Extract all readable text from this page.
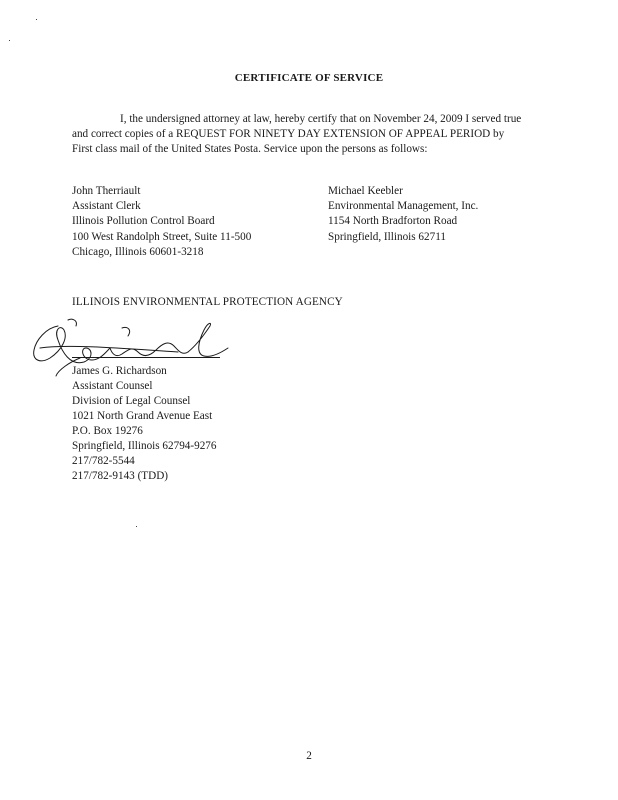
CERTIFICATE OF SERVICE
I, the undersigned attorney at law, hereby certify that on November 24, 2009 I served true
and correct copies of a REQUEST FOR NINETY DAY EXTENSION OF APPEAL PERIOD by
First class mail of the United States Posta. Service upon the persons as follows:
John Therriault
Assistant Clerk
Illinois Pollution Control Board
100 West Randolph Street, Suite 11-500
Chicago, Illinois 60601-3218
Michael Keebler
Environmental Management, Inc.
1154 North Bradforton Road
Springfield, Illinois 62711
ILLINOIS ENVIRONMENTAL PROTECTION AGENCY
James G. Richardson
Assistant Counsel
Division of Legal Counsel
1021 North Grand Avenue East
P.O. Box 19276
Springfield, Illinois 62794-9276
217/782-5544
217/782-9143 (TDD)
2
